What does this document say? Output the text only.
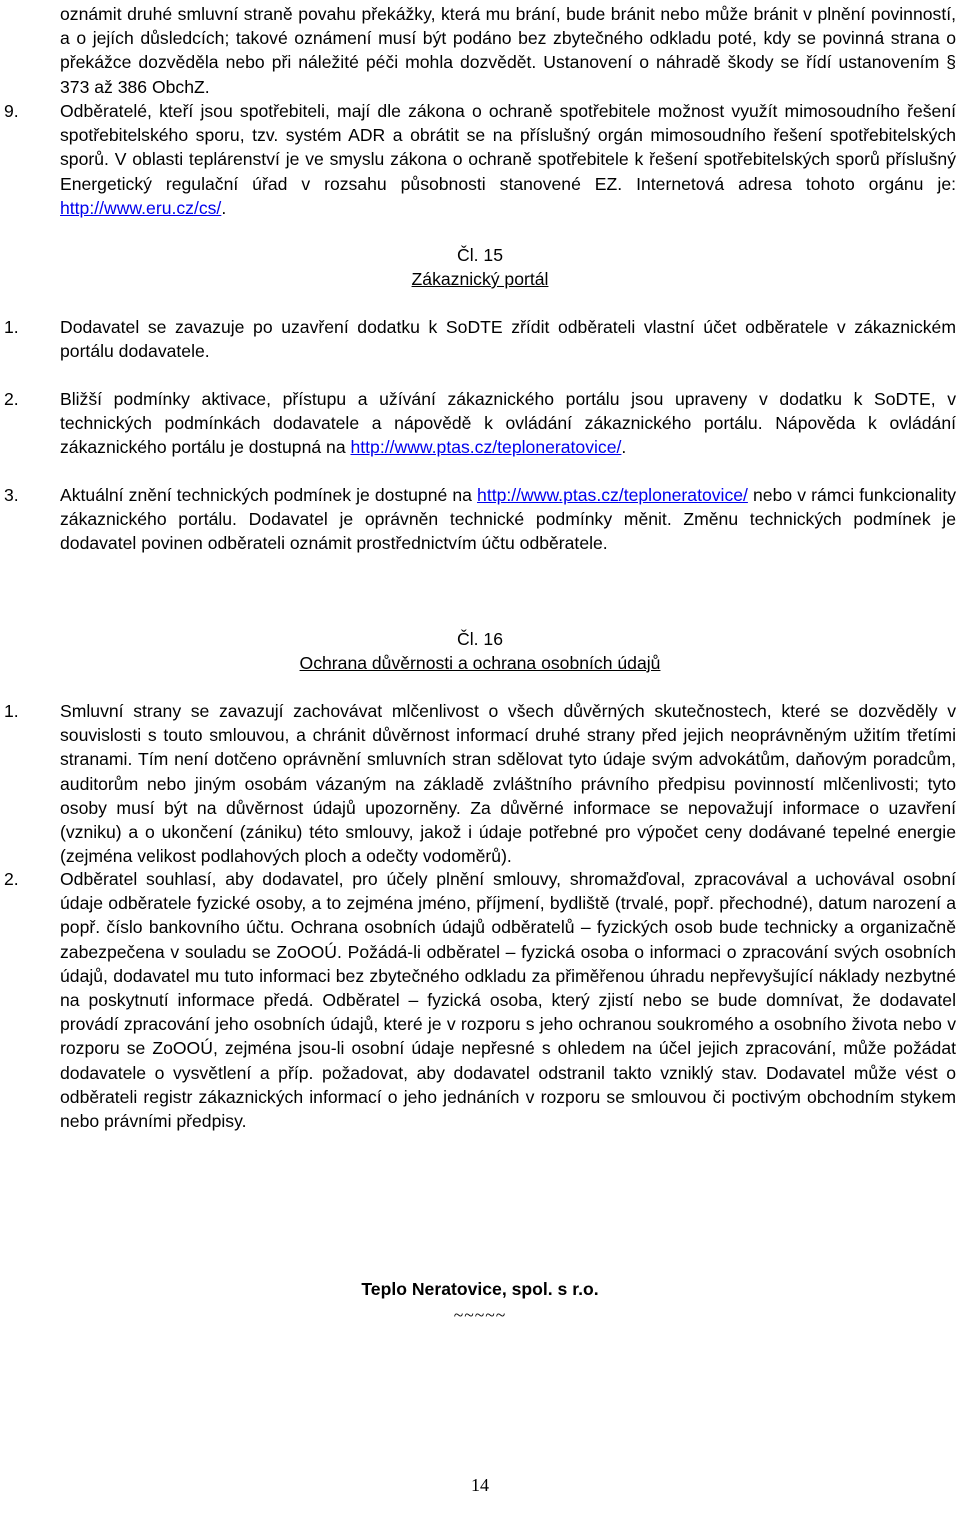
oznámit druhé smluvní straně povahu překážky, která mu brání, bude bránit nebo může bránit v plnění povinností, a o jejích důsledcích; takové oznámení musí být podáno bez zbytečného odkladu poté, kdy se povinná strana o překážce dozvěděla nebo při náležité péči mohla dozvědět. Ustanovení o náhradě škody se řídí ustanovením § 373 až 386 ObchZ.

9. Odběratelé, kteří jsou spotřebiteli, mají dle zákona o ochraně spotřebitele možnost využít mimosoudního řešení spotřebitelského sporu, tzv. systém ADR a obrátit se na příslušný orgán mimosoudního řešení spotřebitelských sporů. V oblasti teplárenství je ve smyslu zákona o ochraně spotřebitele k řešení spotřebitelských sporů příslušný Energetický regulační úřad v rozsahu působnosti stanovené EZ. Internetová adresa tohoto orgánu je: http://www.eru.cz/cs/.

Čl. 15
Zákaznický portál
1. Dodavatel se zavazuje po uzavření dodatku k SoDTE zřídit odběrateli vlastní účet odběratele v zákaznickém portálu dodavatele.

2. Bližší podmínky aktivace, přístupu a užívání zákaznického portálu jsou upraveny v dodatku k SoDTE, v technických podmínkách dodavatele a nápovědě k ovládání zákaznického portálu. Nápověda k ovládání zákaznického portálu je dostupná na http://www.ptas.cz/teploneratovice/.

3. Aktuální znění technických podmínek je dostupné na http://www.ptas.cz/teploneratovice/ nebo v rámci funkcionality zákaznického portálu. Dodavatel je oprávněn technické podmínky měnit. Změnu technických podmínek je dodavatel povinen odběrateli oznámit prostřednictvím účtu odběratele.

Čl. 16
Ochrana důvěrnosti a ochrana osobních údajů
1. Smluvní strany se zavazují zachovávat mlčenlivost o všech důvěrných skutečnostech, které se dozvěděly v souvislosti s touto smlouvou, a chránit důvěrnost informací druhé strany před jejich neoprávněným užitím třetími stranami. Tím není dotčeno oprávnění smluvních stran sdělovat tyto údaje svým advokátům, daňovým poradcům, auditorům nebo jiným osobám vázaným na základě zvláštního právního předpisu povinností mlčenlivosti; tyto osoby musí být na důvěrnost údajů upozorněny. Za důvěrné informace se nepovažují informace o uzavření (vzniku) a o ukončení (zániku) této smlouvy, jakož i údaje potřebné pro výpočet ceny dodávané tepelné energie (zejména velikost podlahových ploch a odečty vodoměrů).

2. Odběratel souhlasí, aby dodavatel, pro účely plnění smlouvy, shromažďoval, zpracovával a uchovával osobní údaje odběratele fyzické osoby, a to zejména jméno, příjmení, bydliště (trvalé, popř. přechodné), datum narození a popř. číslo bankovního účtu. Ochrana osobních údajů odběratelů – fyzických osob bude technicky a organizačně zabezpečena v souladu se ZoOOÚ. Požádá-li odběratel – fyzická osoba o informaci o zpracování svých osobních údajů, dodavatel mu tuto informaci bez zbytečného odkladu za přiměřenou úhradu nepřevyšující náklady nezbytné na poskytnutí informace předá. Odběratel – fyzická osoba, který zjistí nebo se bude domnívat, že dodavatel provádí zpracování jeho osobních údajů, které je v rozporu s jeho ochranou soukromého a osobního života nebo v rozporu se ZoOOÚ, zejména jsou-li osobní údaje nepřesné s ohledem na účel jejich zpracování, může požádat dodavatele o vysvětlení a příp. požadovat, aby dodavatel odstranil takto vzniklý stav. Dodavatel může vést o odběrateli registr zákaznických informací o jeho jednáních v rozporu se smlouvou či poctivým obchodním stykem nebo právními předpisy.

Teplo Neratovice, spol. s r.o.
~~~~~
14
